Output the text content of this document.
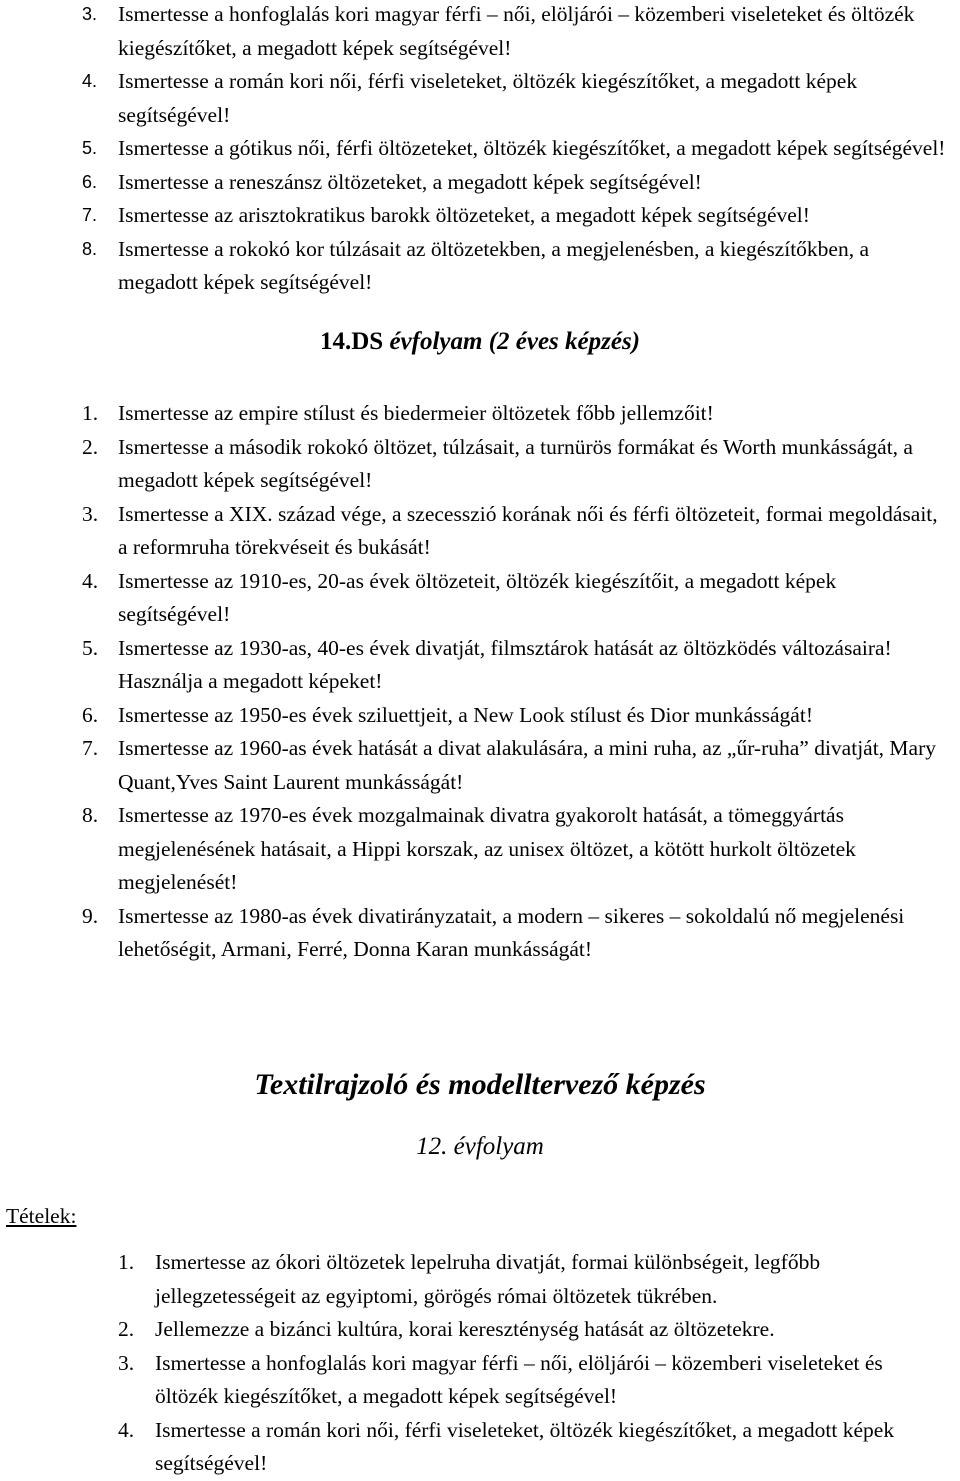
3. Ismertesse a honfoglalás kori magyar férfi – női, elöljárói – közemberi viseleteket és öltözék kiegészítőket, a megadott képek segítségével!
4. Ismertesse a román kori női, férfi viseleteket, öltözék kiegészítőket, a megadott képek segítségével!
5. Ismertesse a gótikus női, férfi öltözeteket, öltözék kiegészítőket, a megadott képek segítségével!
6. Ismertesse a reneszánsz öltözeteket, a megadott képek segítségével!
7. Ismertesse az arisztokratikus barokk öltözeteket, a megadott képek segítségével!
8. Ismertesse a rokokó kor túlzásait az öltözetekben, a megjelenésben, a kiegészítőkben, a megadott képek segítségével!
14.DS évfolyam (2 éves képzés)
1. Ismertesse az empire stílust és biedermeier öltözetek főbb jellemzőit!
2. Ismertesse a második rokokó öltözet, túlzásait, a turnürös formákat és Worth munkásságát, a megadott képek segítségével!
3. Ismertesse a XIX. század vége, a szecesszió korának női és férfi öltözeteit, formai megoldásait, a reformruha törekvéseit és bukását!
4. Ismertesse az 1910-es, 20-as évek öltözeteit, öltözék kiegészítőit, a megadott képek segítségével!
5. Ismertesse az 1930-as, 40-es évek divatját, filmsztárok hatását az öltözködés változásaira! Használja a megadott képeket!
6. Ismertesse az 1950-es évek sziluettjeit, a New Look stílust és Dior munkásságát!
7. Ismertesse az 1960-as évek hatását a divat alakulására, a mini ruha, az „űr-ruha” divatját, Mary Quant,Yves Saint Laurent munkásságát!
8. Ismertesse az 1970-es évek mozgalmainak divatra gyakorolt hatását, a tömeggyártás megjelenésének hatásait, a Hippi korszak, az unisex öltözet, a kötött hurkolt öltözetek megjelenését!
9. Ismertesse az 1980-as évek divatirányzatait, a modern – sikeres – sokoldalú nő megjelenési lehetőségit, Armani, Ferré, Donna Karan munkásságát!
Textilrajzoló és modelltervező képzés
12. évfolyam
Tételek:
1. Ismertesse az ókori öltözetek lepelruha divatját, formai különbségeit, legfőbb jellegzetességeit az egyiptomi, görögés római öltözetek tükrében.
2. Jellemezze a bizánci kultúra, korai kereszténység hatását az öltözetekre.
3. Ismertesse a honfoglalás kori magyar férfi – női, elöljárói – közemberi viseleteket és öltözék kiegészítőket, a megadott képek segítségével!
4. Ismertesse a román kori női, férfi viseleteket, öltözék kiegészítőket, a megadott képek segítségével!
